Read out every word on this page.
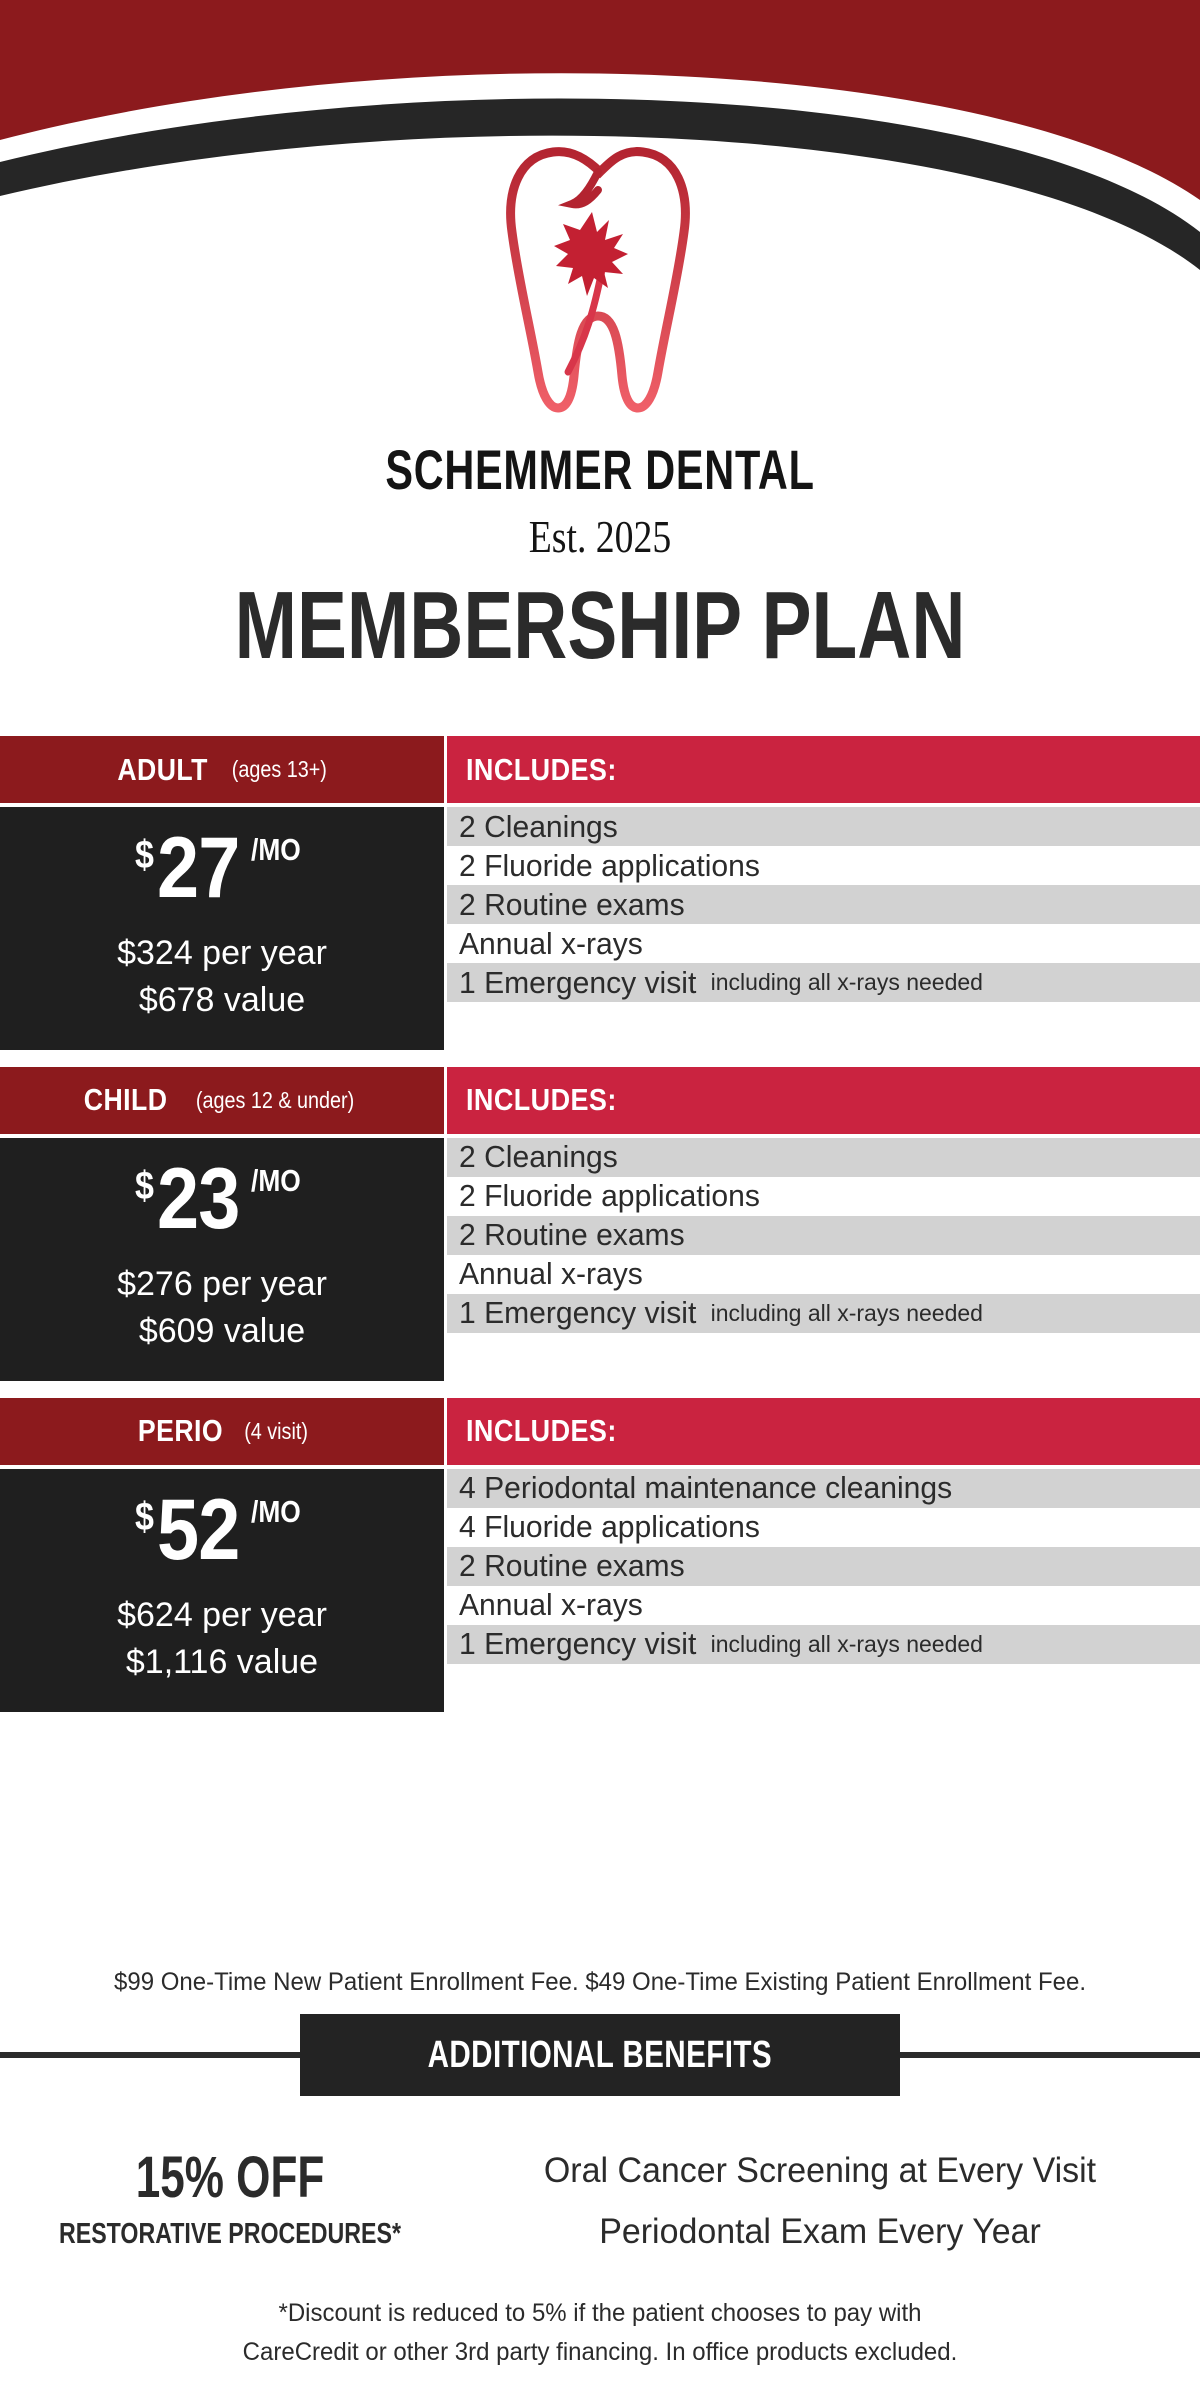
SCHEMMER DENTAL
Est. 2025
MEMBERSHIP PLAN
ADULT (ages 13+)	INCLUDES:
$ 27 /MO
$324 per year
$678 value
2 Cleanings
2 Fluoride applications
2 Routine exams
Annual x-rays
1 Emergency visit including all x-rays needed
CHILD (ages 12 & under)	INCLUDES:
$ 23 /MO
$276 per year
$609 value
2 Cleanings
2 Fluoride applications
2 Routine exams
Annual x-rays
1 Emergency visit including all x-rays needed
PERIO (4 visit)	INCLUDES:
$ 52 /MO
$624 per year
$1,116 value
4 Periodontal maintenance cleanings
4 Fluoride applications
2 Routine exams
Annual x-rays
1 Emergency visit including all x-rays needed
$99 One-Time New Patient Enrollment Fee. $49 One-Time Existing Patient Enrollment Fee.
ADDITIONAL BENEFITS
15% OFF
RESTORATIVE PROCEDURES*
Oral Cancer Screening at Every Visit
Periodontal Exam Every Year
*Discount is reduced to 5% if the patient chooses to pay with
CareCredit or other 3rd party financing. In office products excluded.
